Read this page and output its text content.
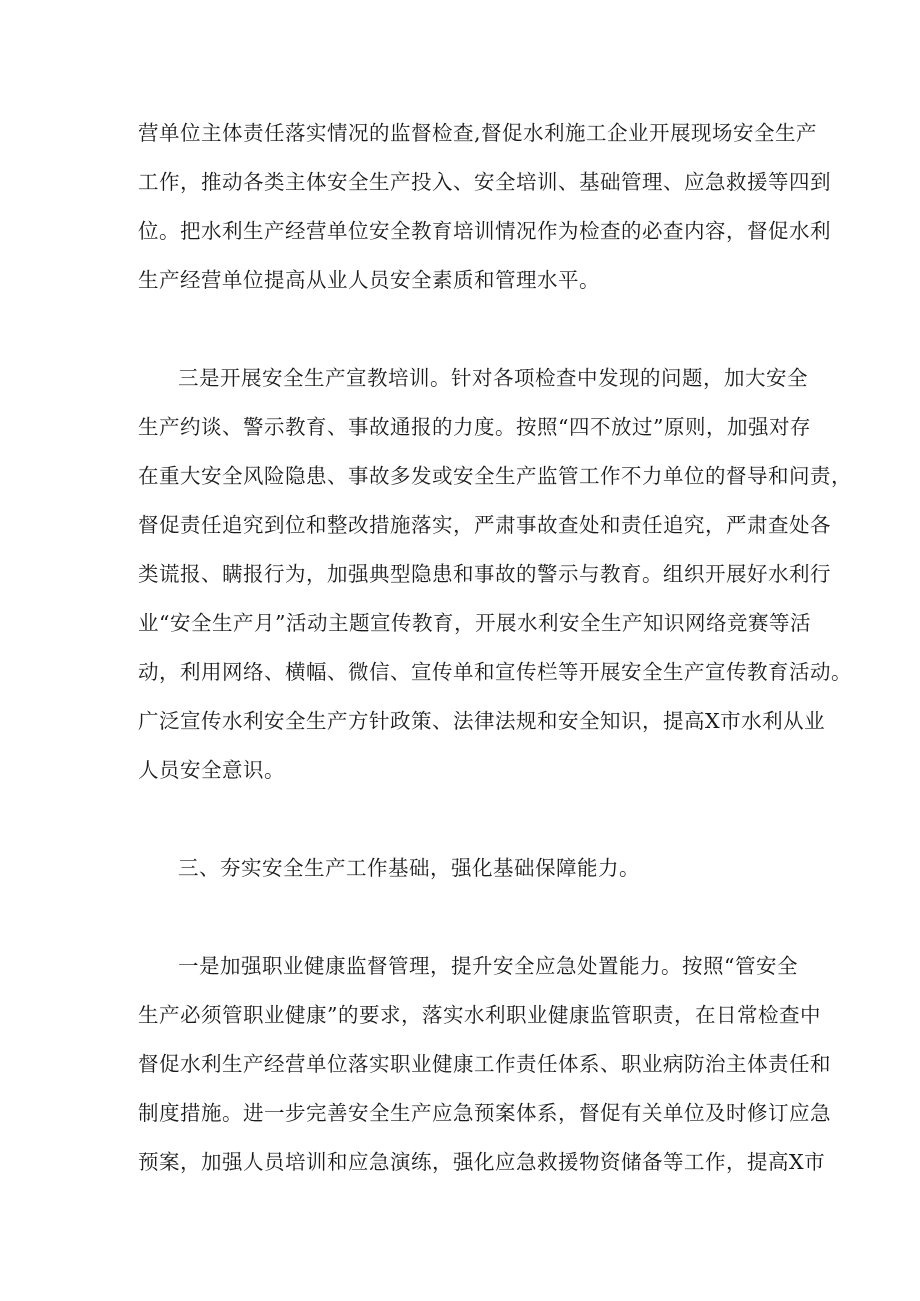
营单位主体责任落实情况的监督检查,督促水利施工企业开展现场安全生产
工作，推动各类主体安全生产投入、安全培训、基础管理、应急救援等四到
位。把水利生产经营单位安全教育培训情况作为检查的必查内容，督促水利
生产经营单位提高从业人员安全素质和管理水平。
三是开展安全生产宣教培训。针对各项检查中发现的问题，加大安全
生产约谈、警示教育、事故通报的力度。按照“四不放过”原则，加强对存
在重大安全风险隐患、事故多发或安全生产监管工作不力单位的督导和问责，
督促责任追究到位和整改措施落实，严肃事故查处和责任追究，严肃查处各
类谎报、瞒报行为，加强典型隐患和事故的警示与教育。组织开展好水利行
业“安全生产月”活动主题宣传教育，开展水利安全生产知识网络竞赛等活
动，利用网络、横幅、微信、宣传单和宣传栏等开展安全生产宣传教育活动。
广泛宣传水利安全生产方针政策、法律法规和安全知识，提高X市水利从业
人员安全意识。
三、夯实安全生产工作基础，强化基础保障能力。
一是加强职业健康监督管理，提升安全应急处置能力。按照“管安全
生产必须管职业健康”的要求，落实水利职业健康监管职责，在日常检查中
督促水利生产经营单位落实职业健康工作责任体系、职业病防治主体责任和
制度措施。进一步完善安全生产应急预案体系，督促有关单位及时修订应急
预案，加强人员培训和应急演练，强化应急救援物资储备等工作，提高X市
